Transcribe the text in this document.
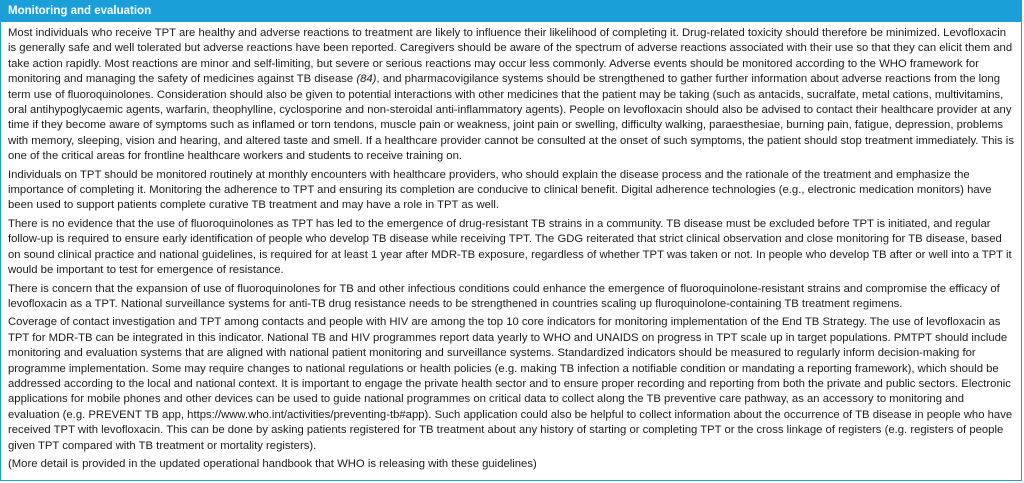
Monitoring and evaluation

Most individuals who receive TPT are healthy and adverse reactions to treatment are likely to influence their likelihood of completing it. Drug-related toxicity should therefore be minimized. Levofloxacin is generally safe and well tolerated but adverse reactions have been reported. Caregivers should be aware of the spectrum of adverse reactions associated with their use so that they can elicit them and take action rapidly. Most reactions are minor and self-limiting, but severe or serious reactions may occur less commonly. Adverse events should be monitored according to the WHO framework for monitoring and managing the safety of medicines against TB disease (84), and pharmacovigilance systems should be strengthened to gather further information about adverse reactions from the long term use of fluoroquinolones. Consideration should also be given to potential interactions with other medicines that the patient may be taking (such as antacids, sucralfate, metal cations, multivitamins, oral antihypoglycaemic agents, warfarin, theophylline, cyclosporine and non-steroidal anti-inflammatory agents). People on levofloxacin should also be advised to contact their healthcare provider at any time if they become aware of symptoms such as inflamed or torn tendons, muscle pain or weakness, joint pain or swelling, difficulty walking, paraesthesiae, burning pain, fatigue, depression, problems with memory, sleeping, vision and hearing, and altered taste and smell. If a healthcare provider cannot be consulted at the onset of such symptoms, the patient should stop treatment immediately. This is one of the critical areas for frontline healthcare workers and students to receive training on.

Individuals on TPT should be monitored routinely at monthly encounters with healthcare providers, who should explain the disease process and the rationale of the treatment and emphasize the importance of completing it. Monitoring the adherence to TPT and ensuring its completion are conducive to clinical benefit. Digital adherence technologies (e.g., electronic medication monitors) have been used to support patients complete curative TB treatment and may have a role in TPT as well.

There is no evidence that the use of fluoroquinolones as TPT has led to the emergence of drug-resistant TB strains in a community. TB disease must be excluded before TPT is initiated, and regular follow-up is required to ensure early identification of people who develop TB disease while receiving TPT. The GDG reiterated that strict clinical observation and close monitoring for TB disease, based on sound clinical practice and national guidelines, is required for at least 1 year after MDR-TB exposure, regardless of whether TPT was taken or not. In people who develop TB after or well into a TPT it would be important to test for emergence of resistance.

There is concern that the expansion of use of fluoroquinolones for TB and other infectious conditions could enhance the emergence of fluoroquinolone-resistant strains and compromise the efficacy of levofloxacin as a TPT. National surveillance systems for anti-TB drug resistance needs to be strengthened in countries scaling up fluroquinolone-containing TB treatment regimens.

Coverage of contact investigation and TPT among contacts and people with HIV are among the top 10 core indicators for monitoring implementation of the End TB Strategy. The use of levofloxacin as TPT for MDR-TB can be integrated in this indicator. National TB and HIV programmes report data yearly to WHO and UNAIDS on progress in TPT scale up in target populations. PMTPT should include monitoring and evaluation systems that are aligned with national patient monitoring and surveillance systems. Standardized indicators should be measured to regularly inform decision-making for programme implementation. Some may require changes to national regulations or health policies (e.g. making TB infection a notifiable condition or mandating a reporting framework), which should be addressed according to the local and national context. It is important to engage the private health sector and to ensure proper recording and reporting from both the private and public sectors. Electronic applications for mobile phones and other devices can be used to guide national programmes on critical data to collect along the TB preventive care pathway, as an accessory to monitoring and evaluation (e.g. PREVENT TB app, https://www.who.int/activities/preventing-tb#app). Such application could also be helpful to collect information about the occurrence of TB disease in people who have received TPT with levofloxacin. This can be done by asking patients registered for TB treatment about any history of starting or completing TPT or the cross linkage of registers (e.g. registers of people given TPT compared with TB treatment or mortality registers).

(More detail is provided in the updated operational handbook that WHO is releasing with these guidelines)
